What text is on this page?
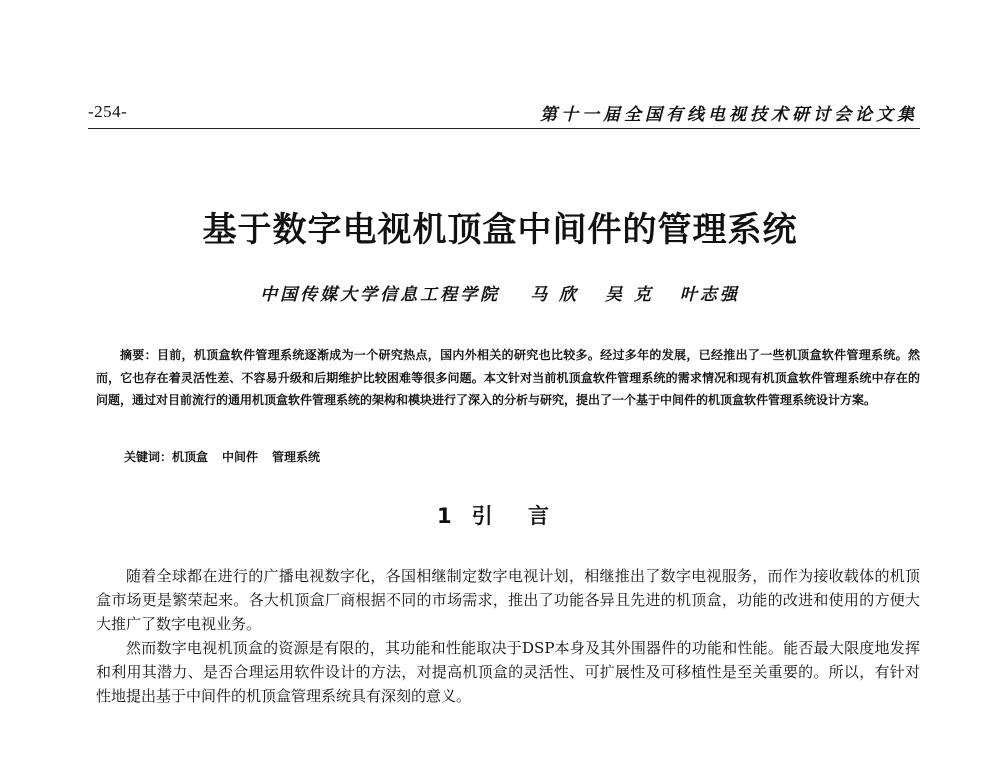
-254-	第十一届全国有线电视技术研讨会论文集
基于数字电视机顶盒中间件的管理系统
中国传媒大学信息工程学院 马 欣 吴 克 叶志强

摘要：目前，机顶盒软件管理系统逐渐成为一个研究热点，国内外相关的研究也比较多。经过多年的发展，已经推出了一些机顶盒软件管理系统。然而，它也存在着灵活性差、不容易升级和后期维护比较困难等很多问题。本文针对当前机顶盒软件管理系统的需求情况和现有机顶盒软件管理系统中存在的问题，通过对目前流行的通用机顶盒软件管理系统的架构和模块进行了深入的分析与研究，提出了一个基于中间件的机顶盒软件管理系统设计方案。

关键词：机顶盒 中间件 管理系统
1 引 言

随着全球都在进行的广播电视数字化，各国相继制定数字电视计划，相继推出了数字电视服务，而作为接收载体的机顶盒市场更是繁荣起来。各大机顶盒厂商根据不同的市场需求，推出了功能各异且先进的机顶盒，功能的改进和使用的方便大大推广了数字电视业务。

然而数字电视机顶盒的资源是有限的，其功能和性能取决于DSP本身及其外围器件的功能和性能。能否最大限度地发挥和利用其潜力、是否合理运用软件设计的方法，对提高机顶盒的灵活性、可扩展性及可移植性是至关重要的。所以，有针对性地提出基于中间件的机顶盒管理系统具有深刻的意义。
